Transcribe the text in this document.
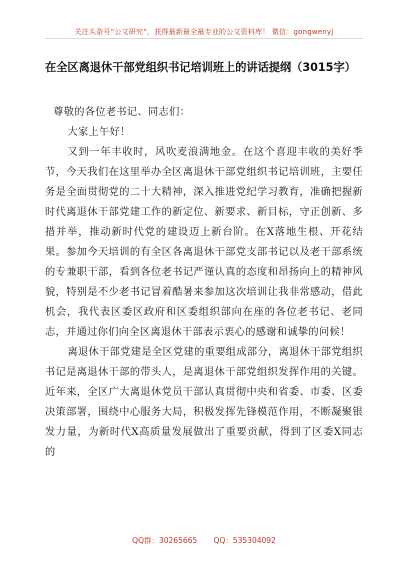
关注头条号“公文研究”，获得最新最全最专业的公文资料库！ 微信：gongwenyj
在全区离退休干部党组织书记培训班上的讲话提纲（3015字）

尊敬的各位老书记、同志们：

大家上午好！

又到一年丰收时，风吹麦浪满地金。在这个喜迎丰收的美好季节，今天我们在这里举办全区离退休干部党组织书记培训班，主要任务是全面贯彻党的二十大精神，深入推进党纪学习教育，准确把握新时代离退休干部党建工作的新定位、新要求、新目标，守正创新、多措并举，推动新时代党的建设迈上新台阶。在X落地生根、开花结果。参加今天培训的有全区各离退休干部党支部书记以及老干部系统的专兼职干部，看到各位老书记严谨认真的态度和昂扬向上的精神风貌，特别是不少老书记冒着酷暑来参加这次培训让我非常感动，借此机会，我代表区委区政府和区委组织部向在座的各位老书记、老同志，并通过你们向全区离退休干部表示衷心的感谢和诚挚的问候！

离退休干部党建是全区党建的重要组成部分，离退休干部党组织书记是离退休干部的带头人，是离退休干部党组织发挥作用的关键。近年来，全区广大离退休党员干部认真贯彻中央和省委、市委、区委决策部署，围绕中心服务大局，积极发挥先锋模范作用，不断凝聚银发力量，为新时代X高质量发展做出了重要贡献，得到了区委X同志的

QQ群：30265665 QQ：535304092
